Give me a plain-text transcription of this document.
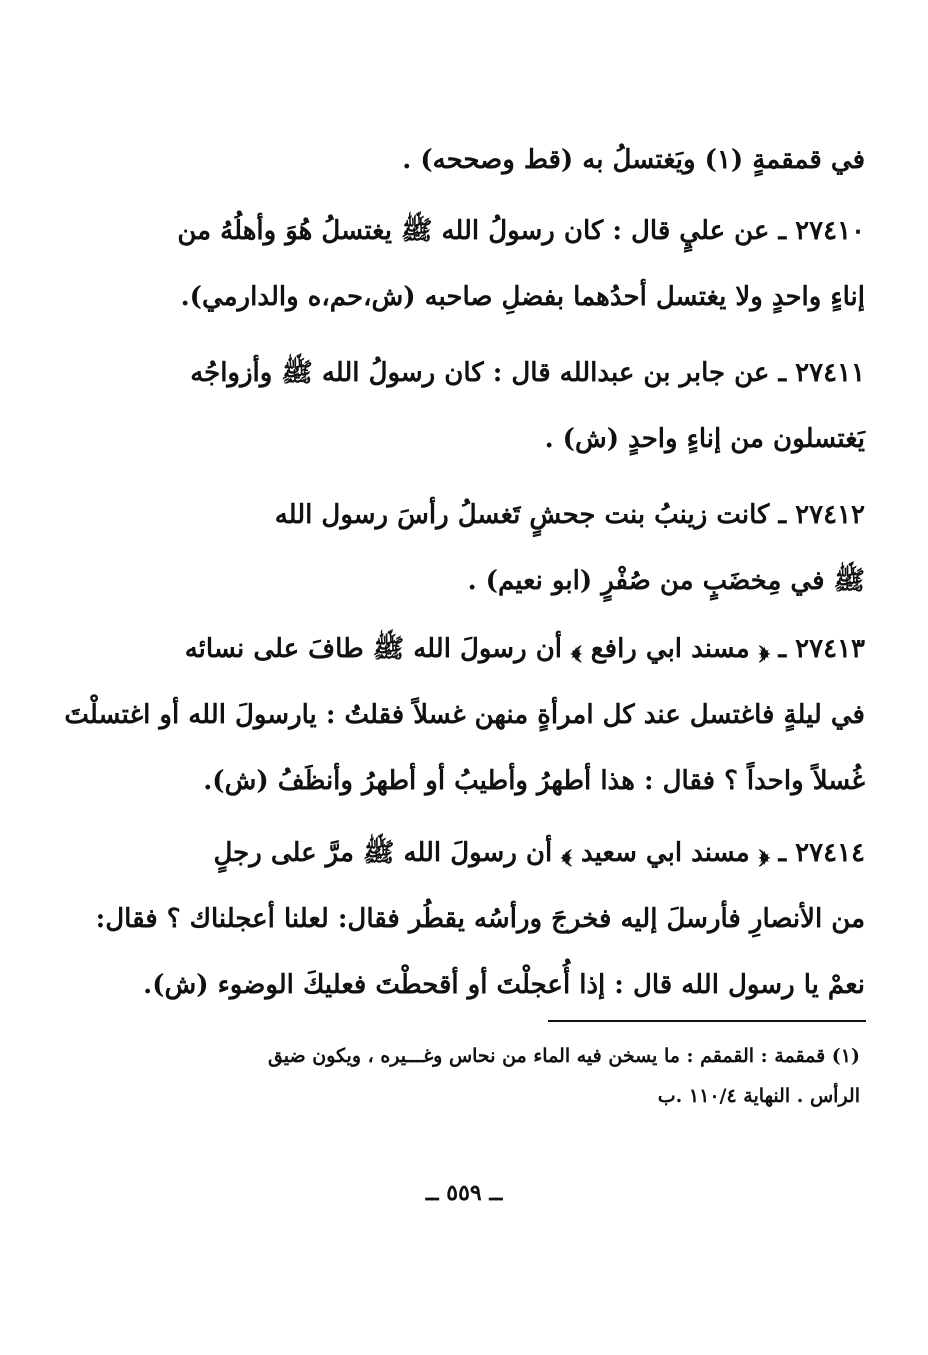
في قمقمةٍ (١) ويَغتسلُ به (قط وصححه) .
٢٧٤١٠ ـ عن عليٍ قال : كان رسولُ الله ﷺ يغتسلُ هُوَ وأهلُهُ من
إناءٍ واحدٍ ولا يغتسل أحدُهما بفضلِ صاحبه (ش،حم،ه والدارمي).
٢٧٤١١ ـ عن جابر بن عبدالله قال : كان رسولُ الله ﷺ وأزواجُه
يَغتسلون من إناءٍ واحدٍ (ش) .
٢٧٤١٢ ـ كانت زينبُ بنت جحشٍ تَغسلُ رأسَ رسول الله
ﷺ في مِخضَبٍ من صُفْرٍ (ابو نعيم) .
٢٧٤١٣ ـ ﴿ مسند ابي رافع ﴾ أن رسولَ الله ﷺ طافَ على نسائه
في ليلةٍ فاغتسل عند كل امرأةٍ منهن غسلاً فقلتُ : يارسولَ الله أو اغتسلْتَ
غُسلاً واحداً ؟ فقال : هذا أطهرُ وأطيبُ أو أطهرُ وأنظَفُ (ش).
٢٧٤١٤ ـ ﴿ مسند ابي سعيد ﴾ أن رسولَ الله ﷺ مرَّ على رجلٍ
من الأنصارِ فأرسلَ إليه فخرجَ ورأسُه يقطُر فقال: لعلنا أعجلناك ؟ فقال:
نعمْ يا رسول الله قال : إذا أُعجلْتَ أو أقحطْتَ فعليكَ الوضوء (ش).
(١) قمقمة : القمقم : ما يسخن فيه الماء من نحاس وغـــيره ، ويكون ضيق
الرأس . النهاية ١١٠/٤ .ب
ــ ٥٥٩ ــ
